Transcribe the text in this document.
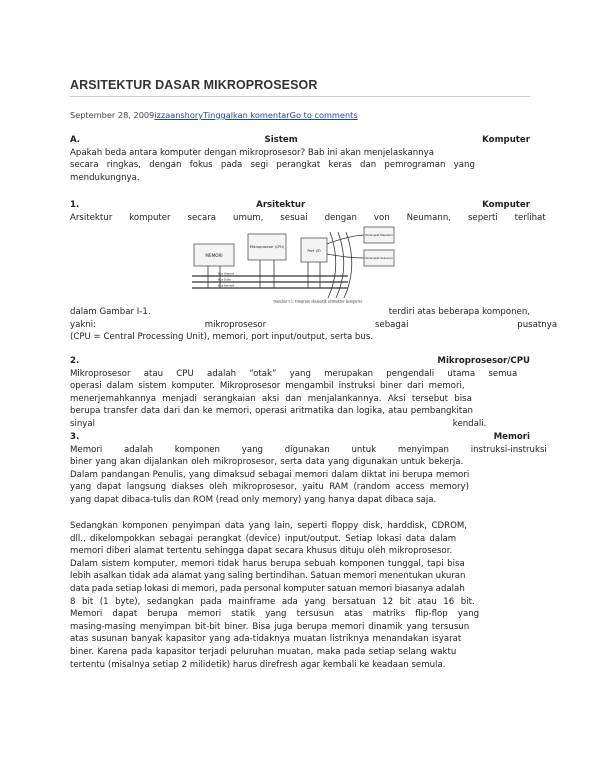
ARSITEKTUR DASAR MIKROPROSESOR
September 28, 2009izzaanshoryTinggalkan komentarGo to comments
A.	Sistem	Komputer
Apakah beda antara komputer dengan mikroprosesor? Bab ini akan menjelaskannya
secara ringkas, dengan fokus pada segi perangkat keras dan pemrograman yang
mendukungnya.
1.	Arsitektur	Komputer
Arsitektur komputer secara umum, sesuai dengan von Neumann, seperti terlihat
MEMORI
Mikroprosesor (CPU)
Port I/O
Perangkat Masukan
Perangkat Keluaran
Bus Alamat
Bus Data
Bus Kendali
Gambar I-1. Diagram skematik arsitektur komputer
dalam Gambar I-1.	terdiri atas beberapa komponen,
yakni: mikroprosesor sebagai pusatnya
(CPU = Central Processing Unit), memori, port input/output, serta bus.
2.	Mikroprosesor/CPU
Mikroprosesor atau CPU adalah “otak” yang merupakan pengendali utama semua
operasi dalam sistem komputer. Mikroprosesor mengambil instruksi biner dari memori,
menerjemahkannya menjadi serangkaian aksi dan menjalankannya. Aksi tersebut bisa
berupa transfer data dari dan ke memori, operasi aritmatika dan logika, atau pembangkitan
sinyal kendali.
3.	Memori
Memori adalah komponen yang digunakan untuk menyimpan instruksi-instruksi
biner yang akan dijalankan oleh mikroprosesor, serta data yang digunakan untuk bekerja.
Dalam pandangan Penulis, yang dimaksud sebagai memori dalam diktat ini berupa memori
yang dapat langsung diakses oleh mikroprosesor, yaitu RAM (random access memory)
yang dapat dibaca-tulis dan ROM (read only memory) yang hanya dapat dibaca saja.
Sedangkan komponen penyimpan data yang lain, seperti floppy disk, harddisk, CDROM,
dll., dikelompokkan sebagai perangkat (device) input/output. Setiap lokasi data dalam
memori diberi alamat tertentu sehingga dapat secara khusus dituju oleh mikroprosesor.
Dalam sistem komputer, memori tidak harus berupa sebuah komponen tunggal, tapi bisa
lebih asalkan tidak ada alamat yang saling bertindihan. Satuan memori menentukan ukuran
data pada setiap lokasi di memori, pada personal komputer satuan memori biasanya adalah
8 bit (1 byte), sedangkan pada mainframe ada yang bersatuan 12 bit atau 16 bit.
Memori dapat berupa memori statik yang tersusun atas matriks flip-flop yang
masing-masing menyimpan bit-bit biner. Bisa juga berupa memori dinamik yang tersusun
atas susunan banyak kapasitor yang ada-tidaknya muatan listriknya menandakan isyarat
biner. Karena pada kapasitor terjadi peluruhan muatan, maka pada setiap selang waktu
tertentu (misalnya setiap 2 milidetik) harus direfresh agar kembali ke keadaan semula.
